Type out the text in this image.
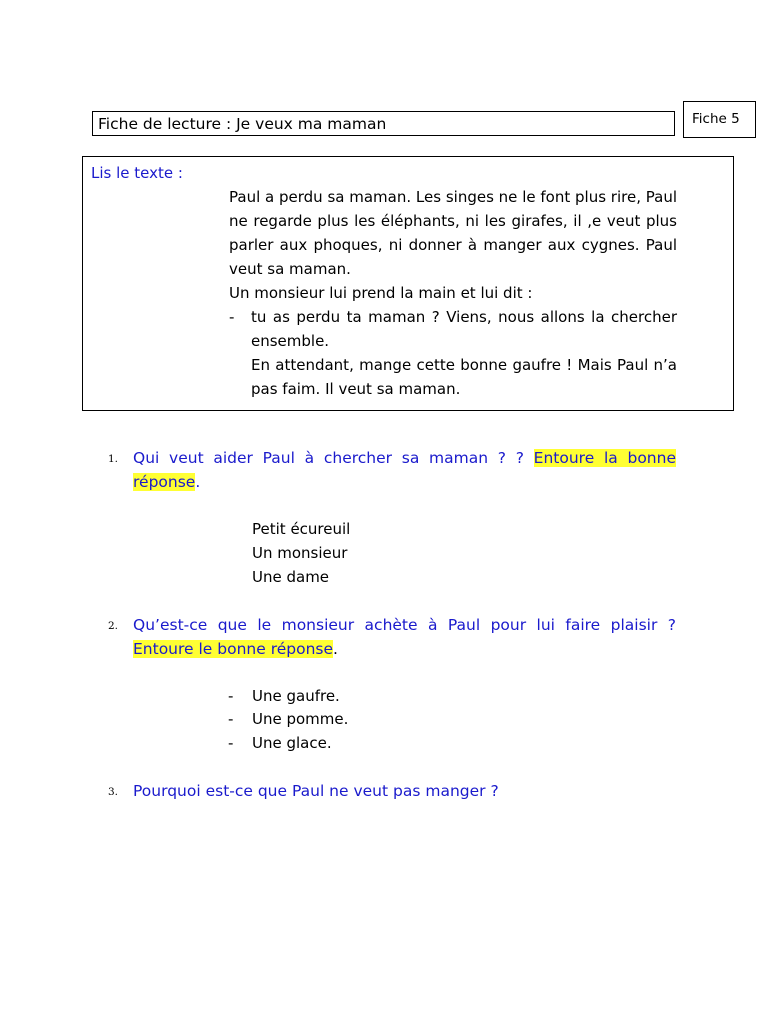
Fiche de lecture : Je veux ma maman	Fiche 5
Lis le texte :

Paul a perdu sa maman. Les singes ne le font plus rire, Paul ne regarde plus les éléphants, ni les girafes, il ,e veut plus parler aux phoques, ni donner à manger aux cygnes. Paul veut sa maman.

Un monsieur lui prend la main et lui dit :

- tu as perdu ta maman ? Viens, nous allons la chercher ensemble.

En attendant, mange cette bonne gaufre ! Mais Paul n’a pas faim. Il veut sa maman.

1. Qui veut aider Paul à chercher sa maman ? ? Entoure la bonne réponse.
Petit écureuil
Un monsieur
Une dame
2. Qu’est-ce que le monsieur achète à Paul pour lui faire plaisir ? Entoure le bonne réponse.
- Une gaufre.
- Une pomme.
- Une glace.
3. Pourquoi est-ce que Paul ne veut pas manger ?
